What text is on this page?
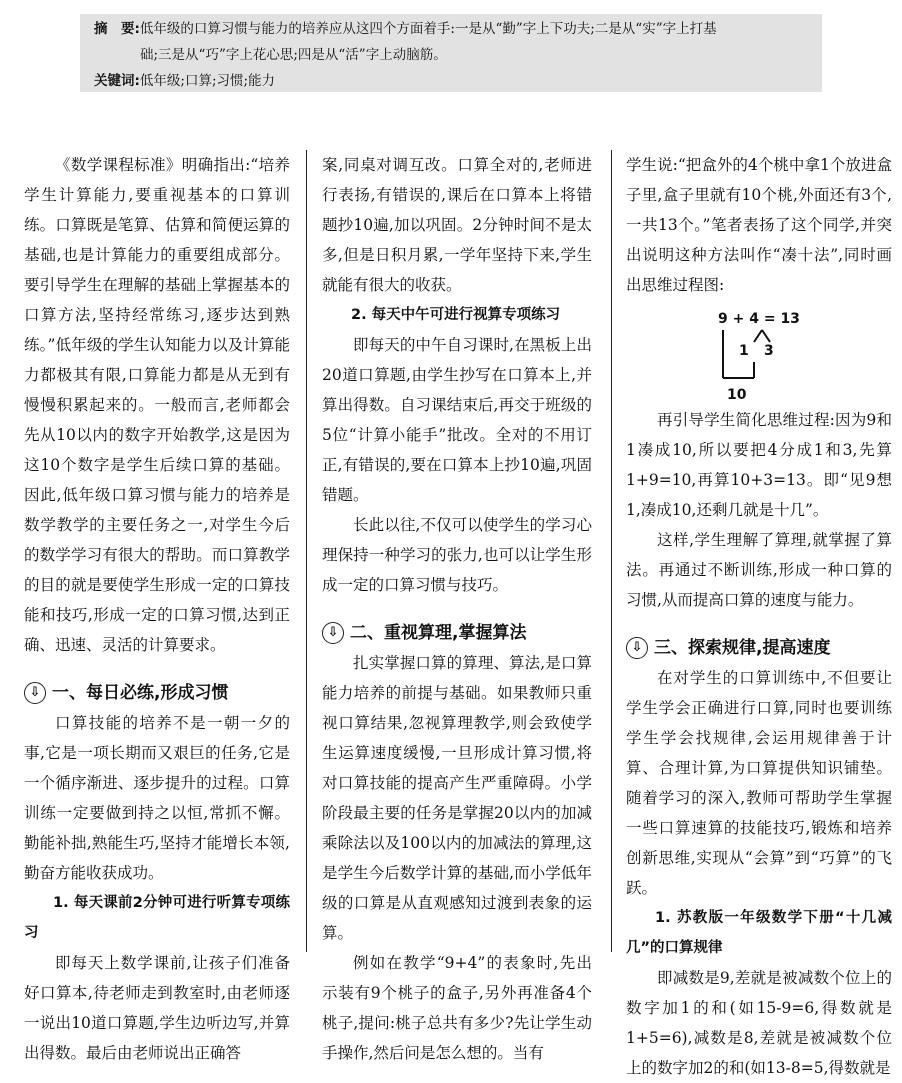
摘　要:低年级的口算习惯与能力的培养应从这四个方面着手:一是从“勤”字上下功夫;二是从“实”字上打基
础;三是从“巧”字上花心思;四是从“活”字上动脑筋。
关键词:低年级;口算;习惯;能力

《数学课程标准》明确指出:“培养学生计算能力,要重视基本的口算训练。口算既是笔算、估算和简便运算的基础,也是计算能力的重要组成部分。要引导学生在理解的基础上掌握基本的口算方法,坚持经常练习,逐步达到熟练。”低年级的学生认知能力以及计算能力都极其有限,口算能力都是从无到有慢慢积累起来的。一般而言,老师都会先从10以内的数字开始教学,这是因为这10个数字是学生后续口算的基础。因此,低年级口算习惯与能力的培养是数学教学的主要任务之一,对学生今后的数学学习有很大的帮助。而口算教学的目的就是要使学生形成一定的口算技能和技巧,形成一定的口算习惯,达到正确、迅速、灵活的计算要求。

⇩ 一、每日必练,形成习惯

口算技能的培养不是一朝一夕的事,它是一项长期而又艰巨的任务,它是一个循序渐进、逐步提升的过程。口算训练一定要做到持之以恒,常抓不懈。勤能补拙,熟能生巧,坚持才能增长本领,勤奋方能收获成功。

1. 每天课前2分钟可进行听算专项练习

即每天上数学课前,让孩子们准备好口算本,待老师走到教室时,由老师逐一说出10道口算题,学生边听边写,并算出得数。最后由老师说出正确答

案,同桌对调互改。口算全对的,老师进行表扬,有错误的,课后在口算本上将错题抄10遍,加以巩固。2分钟时间不是太多,但是日积月累,一学年坚持下来,学生就能有很大的收获。

2. 每天中午可进行视算专项练习

即每天的中午自习课时,在黑板上出20道口算题,由学生抄写在口算本上,并算出得数。自习课结束后,再交于班级的5位“计算小能手”批改。全对的不用订正,有错误的,要在口算本上抄10遍,巩固错题。

长此以往,不仅可以使学生的学习心理保持一种学习的张力,也可以让学生形成一定的口算习惯与技巧。

⇩ 二、重视算理,掌握算法

扎实掌握口算的算理、算法,是口算能力培养的前提与基础。如果教师只重视口算结果,忽视算理教学,则会致使学生运算速度缓慢,一旦形成计算习惯,将对口算技能的提高产生严重障碍。小学阶段最主要的任务是掌握20以内的加减乘除法以及100以内的加减法的算理,这是学生今后数学计算的基础,而小学低年级的口算是从直观感知过渡到表象的运算。

例如在教学“9+4”的表象时,先出示装有9个桃子的盒子,另外再准备4个桃子,提问:桃子总共有多少?先让学生动手操作,然后问是怎么想的。当有

学生说:“把盒外的4个桃中拿1个放进盒子里,盒子里就有10个桃,外面还有3个,一共13个。”笔者表扬了这个同学,并突出说明这种方法叫作“凑十法”,同时画出思维过程图:

9 + 4 = 13
1 3
10

再引导学生简化思维过程:因为9和1凑成10,所以要把4分成1和3,先算1+9=10,再算10+3=13。即“见9想1,凑成10,还剩几就是十几”。

这样,学生理解了算理,就掌握了算法。再通过不断训练,形成一种口算的习惯,从而提高口算的速度与能力。

⇩ 三、探索规律,提高速度

在对学生的口算训练中,不但要让学生学会正确进行口算,同时也要训练学生学会找规律,会运用规律善于计算、合理计算,为口算提供知识铺垫。随着学习的深入,教师可帮助学生掌握一些口算速算的技能技巧,锻炼和培养创新思维,实现从“会算”到“巧算”的飞跃。

1. 苏教版一年级数学下册“十几减几”的口算规律

即减数是9,差就是被减数个位上的数字加1的和(如15-9=6,得数就是1+5=6),减数是8,差就是被减数个位上的数字加2的和(如13-8=5,得数就是
